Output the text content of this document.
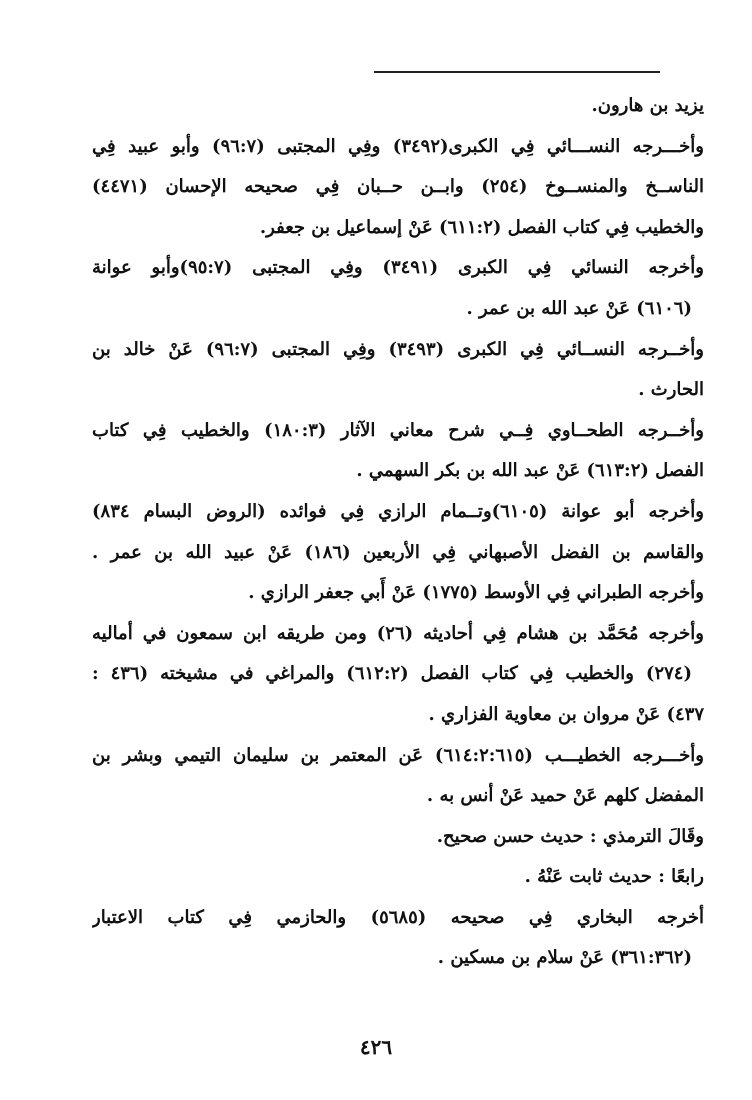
يزيد بن هارون.
وأخـــرجه النســـائي فِي الكبرى(٣٤٩٢) وفِي المجتبى (٩٦:٧) وأبو عبيد فِي
الناســخ والمنســوخ (٢٥٤) وابــن حــبان فِي صحيحه الإحسان (٤٤٧١)
والخطيب فِي كتاب الفصل (٦١١:٢) عَنْ إسماعيل بن جعفر.
وأخرجه النسائي فِي الكبرى (٣٤٩١) وفِي المجتبى (٩٥:٧)وأبو عوانة
(٦١٠٦) عَنْ عبد الله بن عمر .
وأخــرجه النســائي فِي الكبرى (٣٤٩٣) وفِي المجتبى (٩٦:٧) عَنْ خالد بن
الحارث .
وأخــرجه الطحــاوي فِــي شرح معاني الآثار (١٨٠:٣) والخطيب فِي كتاب
الفصل (٦١٣:٢) عَنْ عبد الله بن بكر السهمي .
وأخرجه أبو عوانة (٦١٠٥)وتــمام الرازي فِي فوائده (الروض البسام ٨٣٤)
والقاسم بن الفضل الأصبهاني فِي الأربعين (١٨٦) عَنْ عبيد الله بن عمر .
وأخرجه الطبراني فِي الأوسط (١٧٧٥) عَنْ أَبي جعفر الرازي .
وأخرجه مُحَمَّد بن هشام فِي أحاديثه (٢٦) ومن طريقه ابن سمعون في أماليه
(٢٧٤) والخطيب فِي كتاب الفصل (٦١٢:٢) والمراغي في مشيخته (٤٣٦ :
٤٣٧) عَنْ مروان بن معاوية الفزاري .
وأخـــرجه الخطيـــب (٦١٤:٢:٦١٥) عَن المعتمر بن سليمان التيمي وبشر بن
المفضل كلهم عَنْ حميد عَنْ أنس به .
وقَالَ الترمذي : حديث حسن صحيح.
رابعًا : حديث ثابت عَنْهُ .
أخرجه البخاري فِي صحيحه (٥٦٨٥) والحازمي فِي كتاب الاعتبار
(٣٦١:٣٦٢) عَنْ سلام بن مسكين .
٤٢٦
